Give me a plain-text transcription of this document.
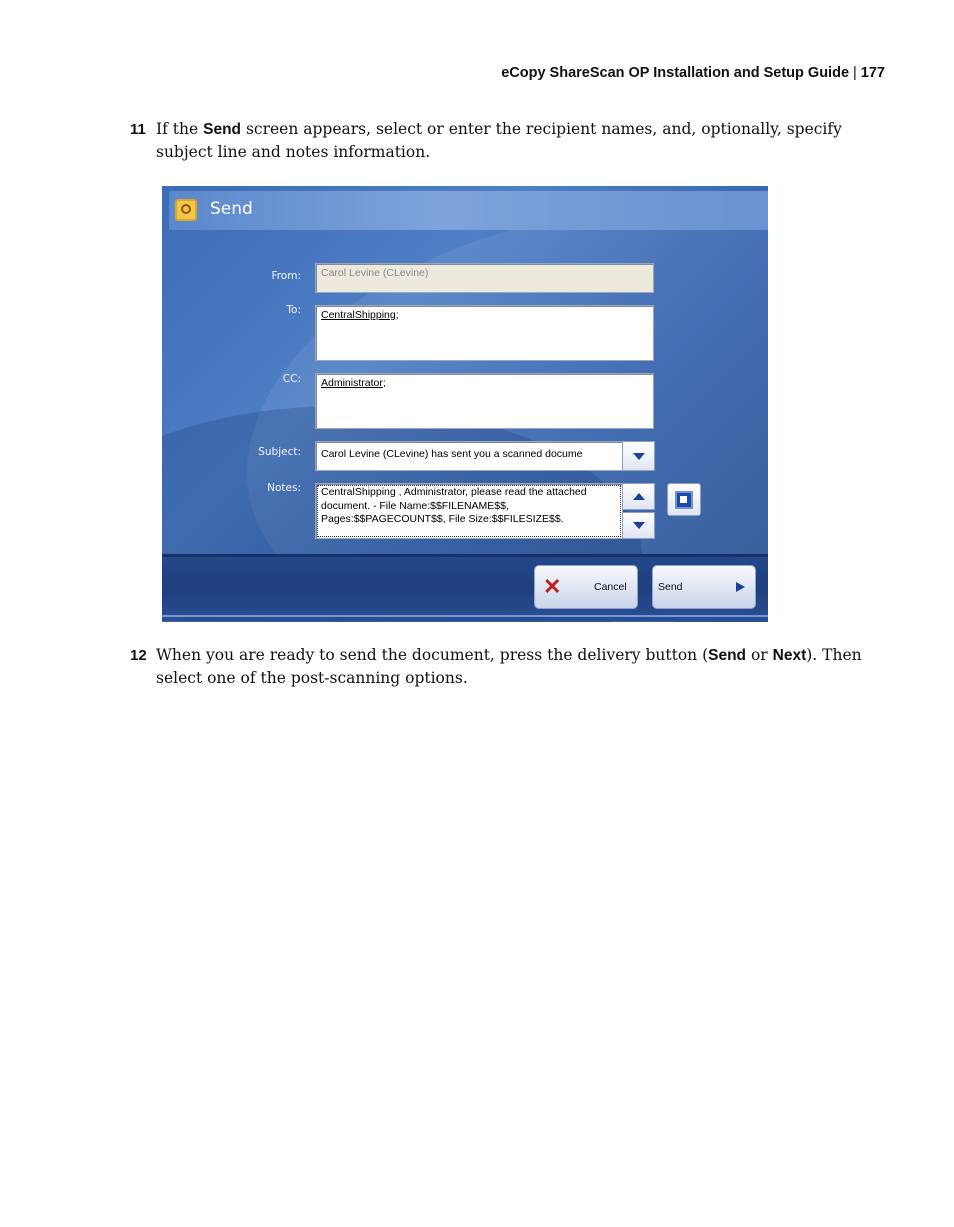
eCopy ShareScan OP Installation and Setup Guide | 177
11 If the Send screen appears, select or enter the recipient names, and, optionally, specify subject line and notes information.
Send
From:	Carol Levine (CLevine)
To:	CentralShipping;
CC:	Administrator;
Subject:	Carol Levine (CLevine) has sent you a scanned docume
Notes:	CentralShipping , Administrator, please read the attached document. - File Name:$$FILENAME$$, Pages:$$PAGECOUNT$$, File Size:$$FILESIZE$$.
✕	Cancel	Send
12 When you are ready to send the document, press the delivery button (Send or Next). Then select one of the post-scanning options.
